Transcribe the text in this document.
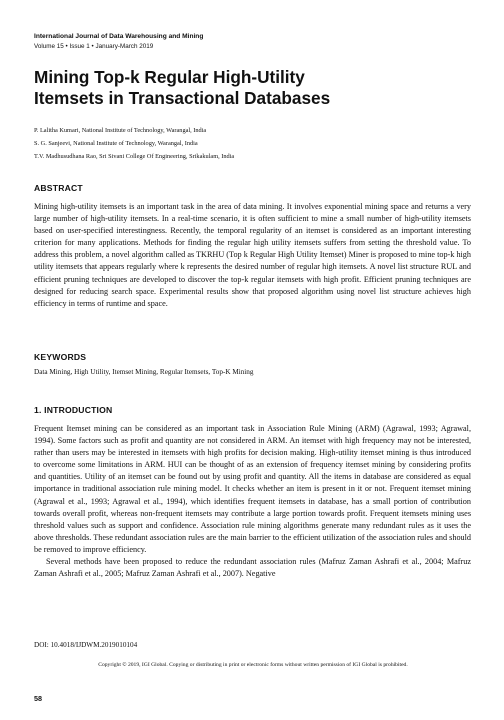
International Journal of Data Warehousing and Mining
Volume 15 • Issue 1 • January-March 2019
Mining Top-k Regular High-Utility
Itemsets in Transactional Databases
P. Lalitha Kumari, National Institute of Technology, Warangal, India
S. G. Sanjeevi, National Institute of Technology, Warangal, India
T.V. Madhusudhana Rao, Sri Sivani College Of Engineering, Srikakulam, India
ABSTRACT
Mining high-utility itemsets is an important task in the area of data mining. It involves exponential mining space and returns a very large number of high-utility itemsets. In a real-time scenario, it is often sufficient to mine a small number of high-utility itemsets based on user-specified interestingness. Recently, the temporal regularity of an itemset is considered as an important interesting criterion for many applications. Methods for finding the regular high utility itemsets suffers from setting the threshold value. To address this problem, a novel algorithm called as TKRHU (Top k Regular High Utility Itemset) Miner is proposed to mine top-k high utility itemsets that appears regularly where k represents the desired number of regular high itemsets. A novel list structure RUL and efficient pruning techniques are developed to discover the top-k regular itemsets with high profit. Efficient pruning techniques are designed for reducing search space. Experimental results show that proposed algorithm using novel list structure achieves high efficiency in terms of runtime and space.
KEYWORDS
Data Mining, High Utility, Itemset Mining, Regular Itemsets, Top-K Mining
1. INTRODUCTION

Frequent Itemset mining can be considered as an important task in Association Rule Mining (ARM) (Agrawal, 1993; Agrawal, 1994). Some factors such as profit and quantity are not considered in ARM. An itemset with high frequency may not be interested, rather than users may be interested in itemsets with high profits for decision making. High-utility itemset mining is thus introduced to overcome some limitations in ARM. HUI can be thought of as an extension of frequency itemset mining by considering profits and quantities. Utility of an itemset can be found out by using profit and quantity. All the items in database are considered as equal importance in traditional association rule mining model. It checks whether an item is present in it or not. Frequent itemset mining (Agrawal et al., 1993; Agrawal et al., 1994), which identifies frequent itemsets in database, has a small portion of contribution towards overall profit, whereas non-frequent itemsets may contribute a large portion towards profit. Frequent itemsets mining uses threshold values such as support and confidence. Association rule mining algorithms generate many redundant rules as it uses the above thresholds. These redundant association rules are the main barrier to the efficient utilization of the association rules and should be removed to improve efficiency.

Several methods have been proposed to reduce the redundant association rules (Mafruz Zaman Ashrafi et al., 2004; Mafruz Zaman Ashrafi et al., 2005; Mafruz Zaman Ashrafi et al., 2007). Negative

DOI: 10.4018/IJDWM.2019010104
Copyright © 2019, IGI Global. Copying or distributing in print or electronic forms without written permission of IGI Global is prohibited.
58
